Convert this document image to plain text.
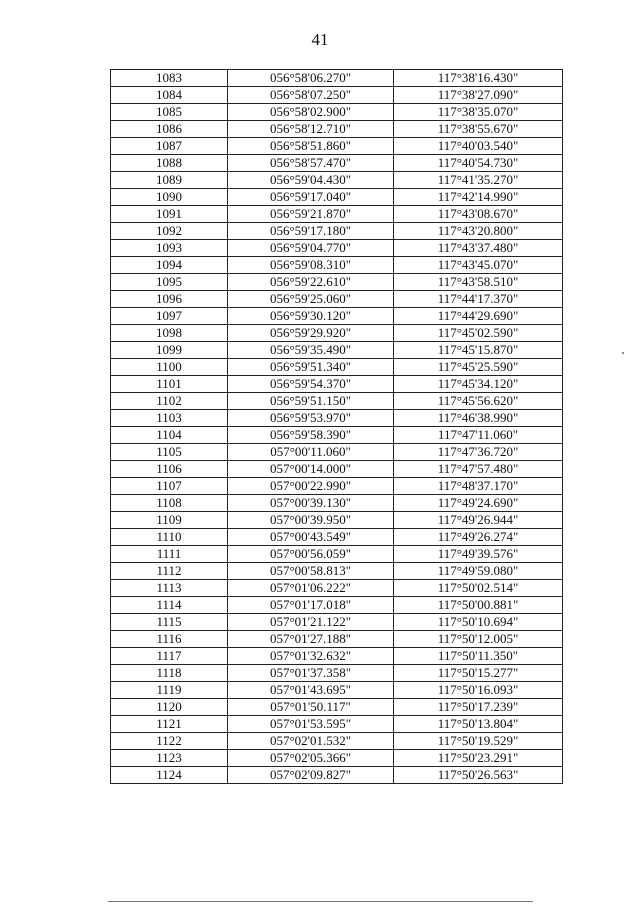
41
1083	056°58'06.270"	117°38'16.430"
1084	056°58'07.250"	117°38'27.090"
1085	056°58'02.900"	117°38'35.070"
1086	056°58'12.710"	117°38'55.670"
1087	056°58'51.860"	117°40'03.540"
1088	056°58'57.470"	117°40'54.730"
1089	056°59'04.430"	117°41'35.270"
1090	056°59'17.040"	117°42'14.990"
1091	056°59'21.870"	117°43'08.670"
1092	056°59'17.180"	117°43'20.800"
1093	056°59'04.770"	117°43'37.480"
1094	056°59'08.310"	117°43'45.070"
1095	056°59'22.610"	117°43'58.510"
1096	056°59'25.060"	117°44'17.370"
1097	056°59'30.120"	117°44'29.690"
1098	056°59'29.920"	117°45'02.590"
1099	056°59'35.490"	117°45'15.870"
1100	056°59'51.340"	117°45'25.590"
1101	056°59'54.370"	117°45'34.120"
1102	056°59'51.150"	117°45'56.620"
1103	056°59'53.970"	117°46'38.990"
1104	056°59'58.390"	117°47'11.060"
1105	057°00'11.060"	117°47'36.720"
1106	057°00'14.000"	117°47'57.480"
1107	057°00'22.990"	117°48'37.170"
1108	057°00'39.130"	117°49'24.690"
1109	057°00'39.950"	117°49'26.944"
1110	057°00'43.549"	117°49'26.274"
1111	057°00'56.059"	117°49'39.576"
1112	057°00'58.813"	117°49'59.080"
1113	057°01'06.222"	117°50'02.514"
1114	057°01'17.018"	117°50'00.881"
1115	057°01'21.122"	117°50'10.694"
1116	057°01'27.188"	117°50'12.005"
1117	057°01'32.632"	117°50'11.350"
1118	057°01'37.358"	117°50'15.277"
1119	057°01'43.695"	117°50'16.093"
1120	057°01'50.117"	117°50'17.239"
1121	057°01'53.595"	117°50'13.804"
1122	057°02'01.532"	117°50'19.529"
1123	057°02'05.366"	117°50'23.291"
1124	057°02'09.827"	117°50'26.563"
